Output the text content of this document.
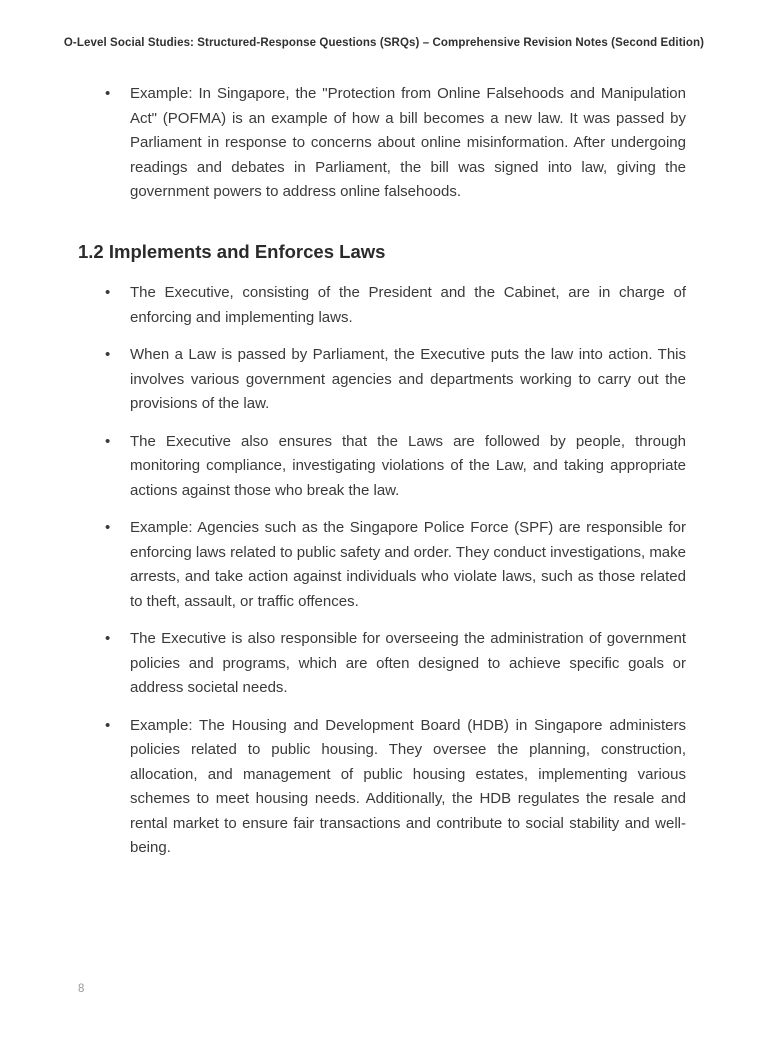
O-Level Social Studies: Structured-Response Questions (SRQs) – Comprehensive Revision Notes (Second Edition)
• Example: In Singapore, the "Protection from Online Falsehoods and Manipulation Act" (POFMA) is an example of how a bill becomes a new law. It was passed by Parliament in response to concerns about online misinformation. After undergoing readings and debates in Parliament, the bill was signed into law, giving the government powers to address online falsehoods.
1.2 Implements and Enforces Laws
• The Executive, consisting of the President and the Cabinet, are in charge of enforcing and implementing laws.
• When a Law is passed by Parliament, the Executive puts the law into action. This involves various government agencies and departments working to carry out the provisions of the law.
• The Executive also ensures that the Laws are followed by people, through monitoring compliance, investigating violations of the Law, and taking appropriate actions against those who break the law.
• Example: Agencies such as the Singapore Police Force (SPF) are responsible for enforcing laws related to public safety and order. They conduct investigations, make arrests, and take action against individuals who violate laws, such as those related to theft, assault, or traffic offences.
• The Executive is also responsible for overseeing the administration of government policies and programs, which are often designed to achieve specific goals or address societal needs.
• Example: The Housing and Development Board (HDB) in Singapore administers policies related to public housing. They oversee the planning, construction, allocation, and management of public housing estates, implementing various schemes to meet housing needs. Additionally, the HDB regulates the resale and rental market to ensure fair transactions and contribute to social stability and well-being.
8
